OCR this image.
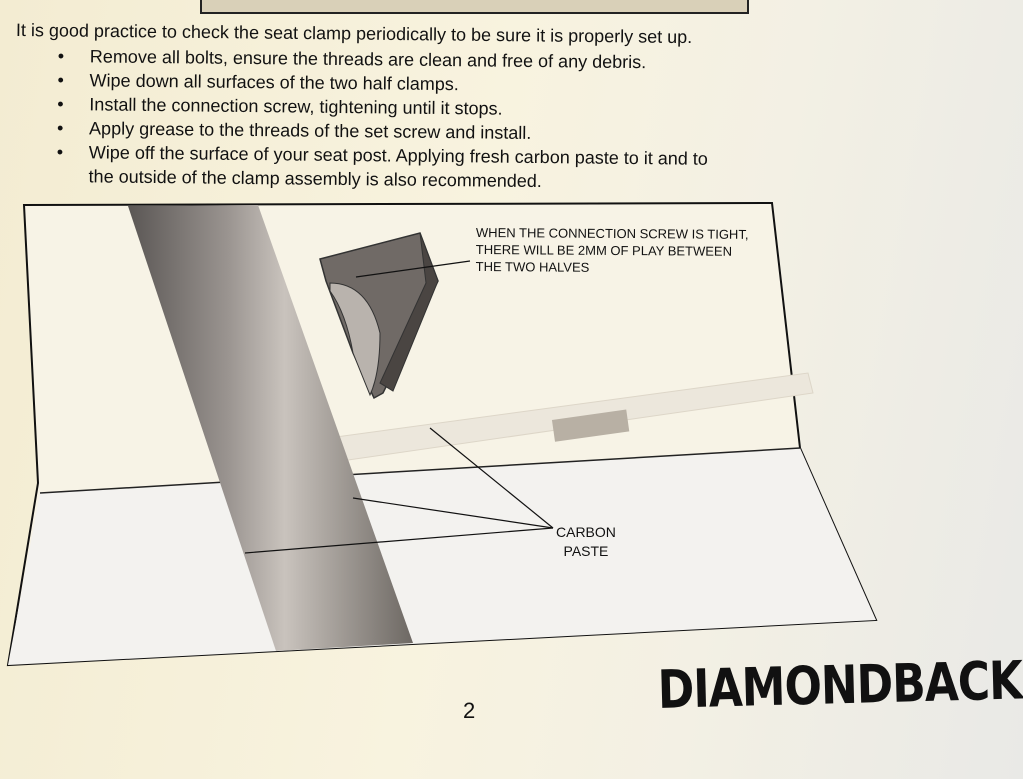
It is good practice to check the seat clamp periodically to be sure it is properly set up.

• Remove all bolts, ensure the threads are clean and free of any debris.
• Wipe down all surfaces of the two half clamps.
• Install the connection screw, tightening until it stops.
• Apply grease to the threads of the set screw and install.
• Wipe off the surface of your seat post. Applying fresh carbon paste to it and to
the outside of the clamp assembly is also recommended.

WHEN THE CONNECTION SCREW IS TIGHT,
THERE WILL BE 2MM OF PLAY BETWEEN
THE TWO HALVES

CARBON
PASTE

2	DIAMONDBACK
